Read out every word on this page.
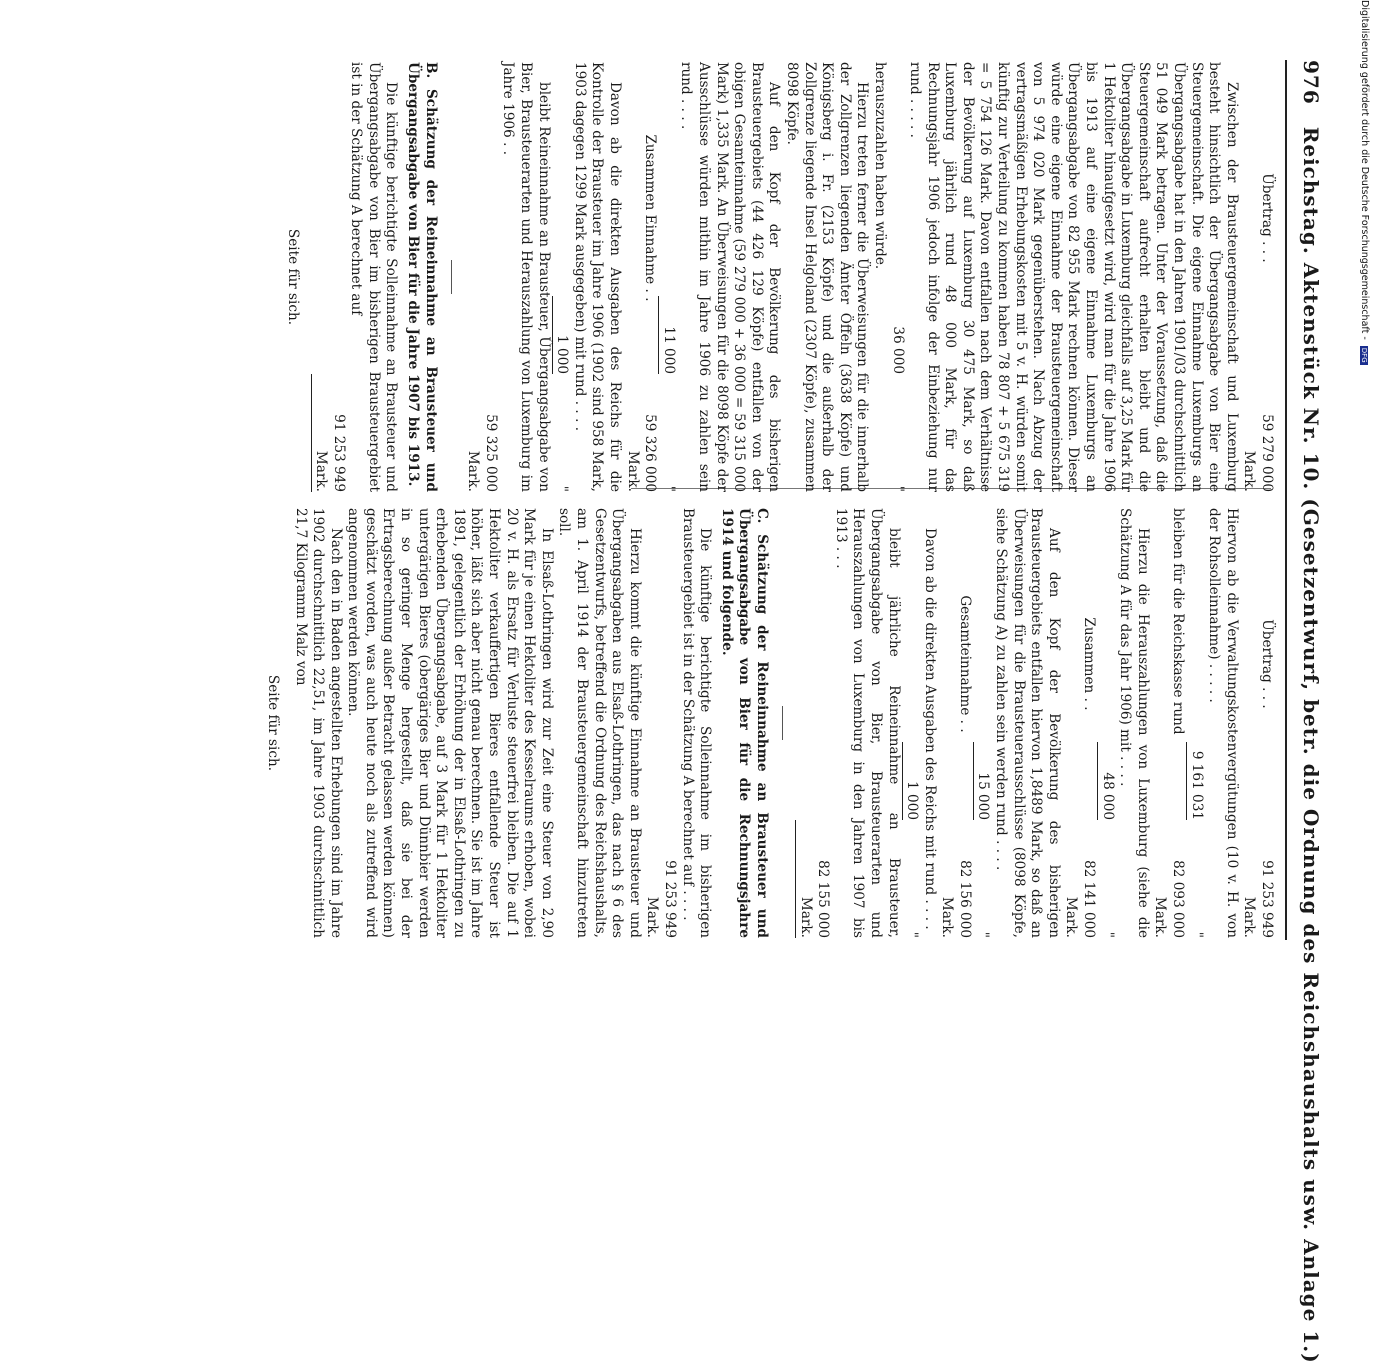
976 Reichstag. Aktenstück Nr. 10. (Gesetzentwurf, betr. die Ordnung des Reichshaushalts usw. Anlage 1.)
Übertrag . . .
59 279 000 Mark.

Zwischen der Brausteuergemeinschaft und Luxemburg besteht hinsichtlich der Übergangsabgabe von Bier eine Steuergemeinschaft. Die eigene Einnahme Luxemburgs an Übergangsabgabe hat in den Jahren 1901/03 durchschnittlich 51 049 Mark betragen. Unter der Voraussetzung, daß die Steuergemeinschaft aufrecht erhalten bleibt und die Übergangsabgabe in Luxemburg gleichfalls auf 3,25 Mark für 1 Hektoliter hinaufgesetzt wird, wird man für die Jahre 1906 bis 1913 auf eine eigene Einnahme Luxemburgs an Übergangsabgabe von 82 955 Mark rechnen können. Dieser würde eine eigene Einnahme der Brausteuergemeinschaft von 5 974 020 Mark gegenüberstehen. Nach Abzug der vertragsmäßigen Erhebungskosten mit 5 v. H. würden somit künftig zur Verteilung zu kommen haben 78 807 + 5 675 319 = 5 754 126 Mark. Davon entfallen nach dem Verhältnisse der Bevölkerung auf Luxemburg 30 475 Mark, so daß Luxemburg jährlich rund 48 000 Mark, für das Rechnungsjahr 1906 jedoch infolge der Einbeziehung nur rund . . . . .

36 000
"

herauszuzahlen haben würde.

Hierzu treten ferner die Überweisungen für die innerhalb der Zollgrenzen liegenden Ämter Öffeln (3638 Köpfe) und Königsberg i. Fr. (2153 Köpfe) und die außerhalb der Zollgrenze liegende Insel Helgoland (2307 Köpfe), zusammen 8098 Köpfe.

Auf den Kopf der Bevölkerung des bisherigen Brausteuergebiets (44 426 129 Köpfe) entfallen von der obigen Gesamteinnahme (59 279 000 + 36 000 = 59 315 000 Mark) 1,335 Mark. An Überweisungen für die 8098 Köpfe der Ausschlüsse würden mithin im Jahre 1906 zu zahlen sein rund . . . .

11 000
"
Zusammen Einnahme . .
59 326 000 Mark.

Davon ab die direkten Ausgaben des Reichs für die Kontrolle der Brausteuer im Jahre 1906 (1902 sind 958 Mark, 1903 dagegen 1299 Mark ausgegeben) mit rund . . . .

1 000
"

bleibt Reineinnahme an Brausteuer, Übergangsabgabe von Bier, Brausteuerarten und Herauszahlung von Luxemburg im Jahre 1906 . .

59 325 000 Mark.

B. Schätzung der Reineinnahme an Brausteuer und Übergangsabgabe von Bier für die Jahre 1907 bis 1913.

Die künftige berichtigte Solleinnahme an Brausteuer und Übergangsabgabe von Bier im bisherigen Brausteuergebiet ist in der Schätzung A berechnet auf

91 253 949 Mark.
Seite für sich.
Übertrag . . .
91 253 949 Mark.

Hiervon ab die Verwaltungskostenvergütungen (10 v. H. von der Rohsolleinnahme) . . . . .

9 161 031
"
bleiben für die Reichskasse rund
82 093 000 Mark.

Hierzu die Herauszahlungen von Luxemburg (siehe die Schätzung A für das Jahr 1906) mit . . . .

48 000
"
Zusammen . .
82 141 000 Mark.

Auf den Kopf der Bevölkerung des bisherigen Brausteuergebiets entfallen hiervon 1,8489 Mark, so daß an Überweisungen für die Brausteuerausschlüsse (8098 Köpfe, siehe Schätzung A) zu zahlen sein werden rund . . . .

15 000
"
Gesamteinnahme . .
82 156 000 Mark.

Davon ab die direkten Ausgaben des Reichs mit rund . . . .

1 000
"

bleibt jährliche Reineinnahme an Brausteuer, Übergangsabgabe von Bier, Brausteuerarten und Herauszahlungen von Luxemburg in den Jahren 1907 bis 1913 . . .

82 155 000 Mark.

C. Schätzung der Reineinnahme an Brausteuer und Übergangsabgabe von Bier für die Rechnungsjahre 1914 und folgende.

Die künftige berichtigte Solleinnahme im bisherigen Brausteuergebiet ist in der Schätzung A berechnet auf . . . .

91 253 949 Mark.

Hierzu kommt die künftige Einnahme an Brausteuer und Übergangsabgaben aus Elsaß-Lothringen, das nach § 6 des Gesetzentwurfs, betreffend die Ordnung des Reichshaushalts, am 1. April 1914 der Brausteuergemeinschaft hinzutreten soll.

In Elsaß-Lothringen wird zur Zeit eine Steuer von 2,90 Mark für je einen Hektoliter des Kesselraums erhoben, wobei 20 v. H. als Ersatz für Verluste steuerfrei bleiben. Die auf 1 Hektoliter verkauffertigen Bieres entfallende Steuer ist höher, läßt sich aber nicht genau berechnen. Sie ist im Jahre 1891, gelegentlich der Erhöhung der in Elsaß-Lothringen zu erhebenden Übergangsabgabe, auf 3 Mark für 1 Hektoliter untergärigen Bieres (obergäriges Bier und Dünnbier werden in so geringer Menge hergestellt, daß sie bei der Ertragsberechnung außer Betracht gelassen werden können) geschätzt worden, was auch heute noch als zutreffend wird angenommen werden können.

Nach den in Baden angestellten Erhebungen sind im Jahre 1902 durchschnittlich 22,51, im Jahre 1903 durchschnittlich 21,7 Kilogramm Malz von

Seite für sich.
Digitalisierung gefördert durch die Deutsche Forschungsgemeinschaft - DFG
